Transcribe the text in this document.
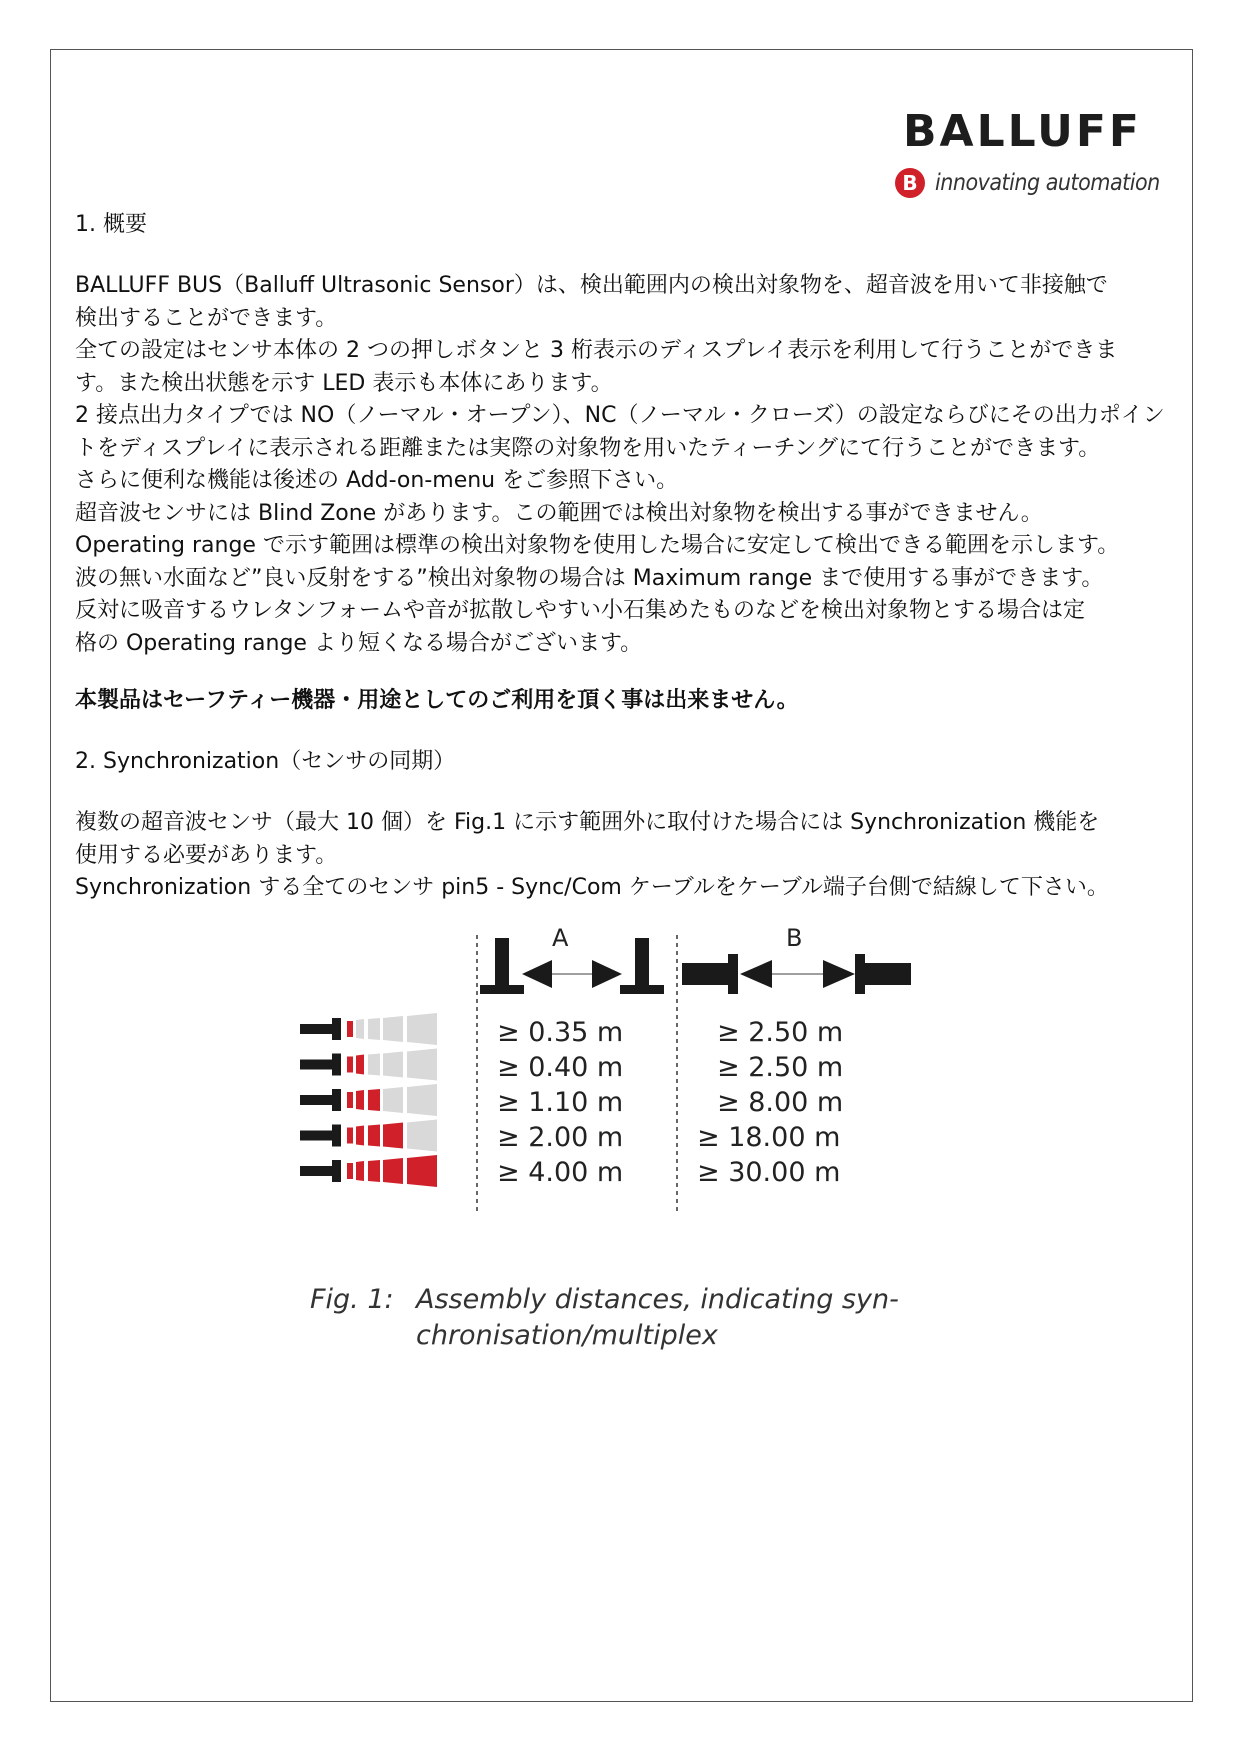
BALLUFF
B innovating automation
1. 概要
BALLUFF BUS（Balluff Ultrasonic Sensor）は、検出範囲内の検出対象物を、超音波を用いて非接触で
検出することができます。
全ての設定はセンサ本体の 2 つの押しボタンと 3 桁表示のディスプレイ表示を利用して行うことができま
す。また検出状態を示す LED 表示も本体にあります。
2 接点出力タイプでは NO（ノーマル・オープン）、NC（ノーマル・クローズ）の設定ならびにその出力ポイン
トをディスプレイに表示される距離または実際の対象物を用いたティーチングにて行うことができます。
さらに便利な機能は後述の Add-on-menu をご参照下さい。
超音波センサには Blind Zone があります。この範囲では検出対象物を検出する事ができません。
Operating range で示す範囲は標準の検出対象物を使用した場合に安定して検出できる範囲を示します。
波の無い水面など”良い反射をする”検出対象物の場合は Maximum range まで使用する事ができます。
反対に吸音するウレタンフォームや音が拡散しやすい小石集めたものなどを検出対象物とする場合は定
格の Operating range より短くなる場合がございます。
本製品はセーフティー機器・用途としてのご利用を頂く事は出来ません。
2. Synchronization（センサの同期）
複数の超音波センサ（最大 10 個）を Fig.1 に示す範囲外に取付けた場合には Synchronization 機能を
使用する必要があります。
Synchronization する全てのセンサ pin5 - Sync/Com ケーブルをケーブル端子台側で結線して下さい。
A	B
≥ 0.35 m
≥ 0.40 m
≥ 1.10 m
≥ 2.00 m
≥ 4.00 m
≥ 2.50 m
≥ 2.50 m
≥ 8.00 m
≥ 18.00 m
≥ 30.00 m
Fig. 1: Assembly distances, indicating syn-
chronisation/multiplex
